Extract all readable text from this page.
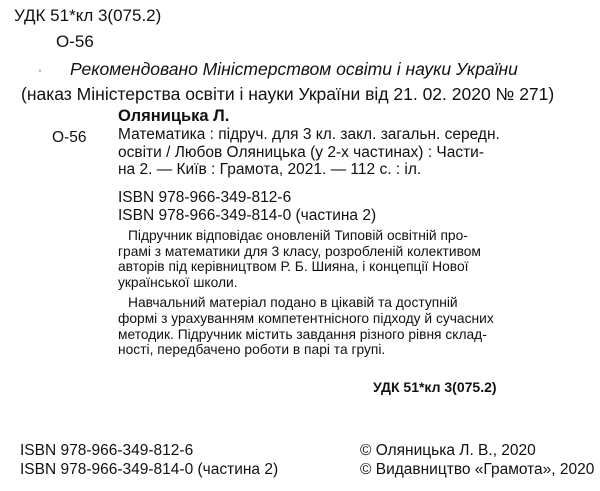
УДК 51*кл 3(075.2)
О-56
· Рекомендовано Міністерством освіти і науки України
(наказ Міністерства освіти і науки України від 21. 02. 2020 № 271)
О-56
Оляницька Л.
Математика : підруч. для 3 кл. закл. загальн. середн.
освіти / Любов Оляницька (у 2-х частинах) : Части-
на 2. — Київ : Грамота, 2021. — 112 с. : іл.
ISBN 978-966-349-812-6
ISBN 978-966-349-814-0 (частина 2)
Підручник відповідає оновленій Типовій освітній про-
грамі з математики для 3 класу, розробленій колективом
авторів під керівництвом Р. Б. Шияна, і концепції Нової
української школи.
Навчальний матеріал подано в цікавій та доступній
формі з урахуванням компетентнісного підходу й сучасних
методик. Підручник містить завдання різного рівня склад-
ності, передбачено роботи в парі та групі.
УДК 51*кл 3(075.2)
ISBN 978-966-349-812-6
ISBN 978-966-349-814-0 (частина 2)
© Оляницька Л. В., 2020
© Видавництво «Грамота», 2020
